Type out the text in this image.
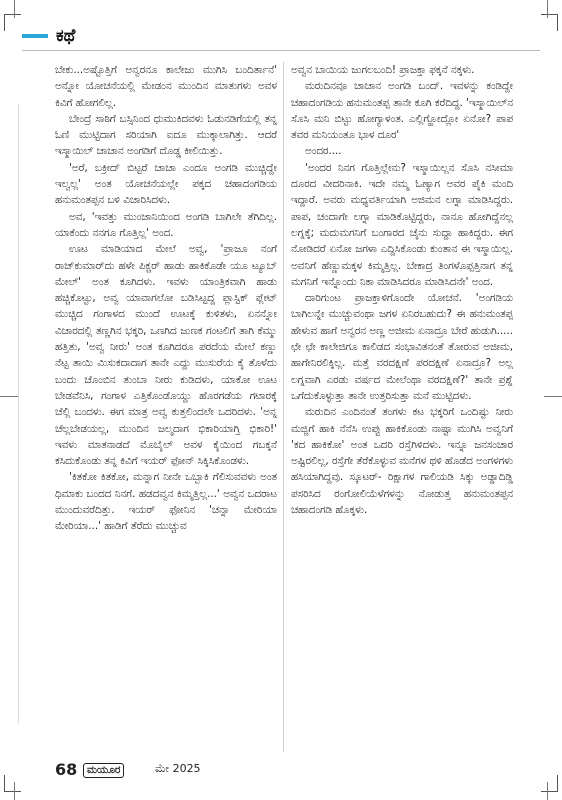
ಕಥೆ

ಬೇಕು...ಅಷ್ಟೊತ್ತಿಗೆ ಅನ್ವರನೂ ಕಾಲೇಜು ಮುಗಿಸಿ ಬಂದಿರ್ತಾನೆ' ಅನ್ನೋ ಯೋಚನೆಯಲ್ಲಿ ಮೇಡಂನ ಮುಂದಿನ ಮಾತುಗಳು ಅವಳ ಕಿವಿಗೆ ಹೋಗಲಿಲ್ಲ.

ಬೇಂದ್ರೆ ಸಾಠಿಗೆ ಬಸ್ಸಿನಿಂದ ಧುಮುಕಿದವಳು ಓಡುನಡಿಗೆಯಲ್ಲಿ ತನ್ನ ಓಣಿ ಮುಟ್ಟಿದಾಗ ಸರಿಯಾಗಿ ಐದೂ ಮುಕ್ಕಾಲಾಗಿತ್ತು. ಆದರೆ ಇಸ್ಮಾಯಿಲ್ ಚಾಚಾನ ಅಂಗಡಿಗೆ ದೊಡ್ಡ ಕೀಲಿಯಿತ್ತು.

'ಅರೆ, ಬಕ್ರೀದ್ ಬಿಟ್ಟರೆ ಚಾಚಾ ಎಂದೂ ಅಂಗಡಿ ಮುಚ್ಚಿದ್ದೇ ಇಲ್ವಲ್ಲ' ಅಂತ ಯೋಚನೆಯಲ್ಲೇ ಪಕ್ಕದ ಚಹಾದಂಗಡಿಯ ಹನುಮಂತಪ್ಪನ ಬಳಿ ವಿಚಾರಿಸಿದಳು.

ಅವ, 'ಇವತ್ತು ಮುಂಜಾನಿಯಿಂದ ಅಂಗಡಿ ಬಾಗಿಲೇ ತೆಗಿದಿಲ್ಲ. ಯಾಕೆಂದು ನನಗೂ ಗೊತ್ತಿಲ್ಲ' ಅಂದ.

ಊಟ ಮಾಡಿಯಾದ ಮೇಲೆ ಅವ್ವ, 'ಪ್ರಾಜೂ ನಂಗೆ ರಾಜ್‌ಕುಮಾರ್‌ದು ಹಳೇ ಪಿಕ್ಚರ್ ಹಾಡು ಹಾಕಿಕೊಡೇ ಯೂ ಟ್ಯೂಬ್ ಮೇಲ್' ಅಂತ ಕೂಗಿದಳು. ಇವಳು ಯಾಂತ್ರಿಕವಾಗಿ ಹಾಡು ಹಚ್ಚಿಕೊಟ್ಟು, ಅವ್ವ ಯಾವಾಗಲೋ ಬಡಿಸಿಟ್ಟದ್ದ ಪ್ಲಾಸ್ಟಿಕ್ ಪ್ಲೇಟ್ ಮುಚ್ಚಿದ ಗಂಗಾಳದ ಮುಂದೆ ಊಟಕ್ಕೆ ಕುಳಿತಳು, ಏನನ್ನೋ ವಿಚಾರದಲ್ಲಿ ತಣ್ಣಗಿನ ಭಕ್ಕರಿ, ಒಣಗಿದ ಜುಣಕ ಗಂಟಲಿಗೆ ತಾಗಿ ಕೆಮ್ಮು ಹತ್ತಿತು, 'ಅವ್ವ ನೀರು' ಅಂತ ಕೂಗಿದರೂ ಪರದೆಯ ಮೇಲೆ ಕಣ್ಣು ನೆಟ್ಟ ತಾಯಿ ಮಿಸುಕದಾದಾಗ ತಾನೇ ಎದ್ದು ಮುಸುರೆಯ ಕೈ ತೊಳೆದು ಬಂದು ಚೊಂಬಿನ ತುಂಬಾ ನೀರು ಕುಡಿದಳು, ಯಾಕೋ ಊಟ ಬೇಡವೆನಿಸಿ, ಗಂಗಾಳ ಎತ್ತಿಕೊಂಡೊಯ್ದು ಹೊರಗಡೆಯ ಗಟಾರಕ್ಕೆ ಚೆಲ್ಲಿ ಬಂದಳು. ಈಗ ಮಾತ್ರ ಅವ್ವ ಕುತ್ತಲಿಂದಲೇ ಒದರಿದಳು. 'ಅನ್ನ ಚೆಲ್ಲಬೇಡಯಲ್ಲ, ಮುಂದಿನ ಜಲ್ಮದಾಗ ಭಿಕಾರಿಯಾಗ್ತಿ ಭಿಕಾರಿ!' ಇವಳು ಮಾತನಾಡದೆ ಮೊಬೈಲ್ ಅವಳ ಕೈಯಿಂದ ಗಬಕ್ಕನೆ ಕಸಿದುಕೊಂಡು ತನ್ನ ಕಿವಿಗೆ ಇಯರ್ ಫೋನ್ ಸಿಕ್ಕಿಸಿಕೊಂಡಳು.

'ಕಿತಕೋ ಕಿತಕೋ, ಮನ್ನಾಗ ನೀನೇ ಒಬ್ಬಾಕಿ ಗೆಲಿಸುವವಳು ಅಂತ ಧಿಮಾಕು ಬಂದದ ನಿನಗೆ. ಹಡದವ್ವನ ಕಿಮ್ಮತ್ತಿಲ್ಲ...' ಅವ್ವನ ಒದರಾಟ ಮುಂದುವರೆದಿತ್ತು. ಇಯರ್ ಫೋನಿನ 'ಚನ್ನಾ ಮೇರಿಯಾ ಮೇರಿಯಾ...' ಹಾಡಿಗೆ ತೆರೆದು ಮುಚ್ಚುವ

ಅವ್ವನ ಬಾಯಿಯ ಜುಗಲಬಂದಿ! ಪ್ರಾಜಕ್ತಾ ಫಕ್ಕನೆ ನಕ್ಕಳು.

ಮರುದಿನವೂ ಚಾಚಾನ ಅಂಗಡಿ ಬಂದ್. ಇವಳನ್ನು ಕಂಡಿದ್ದೇ ಚಹಾದಂಗಡಿಯ ಹನುಮಂತಪ್ಪ ತಾನೇ ಕೂಗಿ ಕರೆದಿದ್ದ. 'ಇಸ್ಮಾಯಿಲ್‌ನ ಸೊಸಿ ಮನಿ ಬಿಟ್ಟು ಹೋಗ್ಯಾಳಂತ. ಎಲ್ಲಿಗ್ಹೋದ್ಲೋ ಏನೋ? ಪಾಪ ತವರ ಮನಿಯಂತೂ ಭಾಳ ದೂರ'

ಅಂದರ....

'ಅಂದರ ನಿನಗ ಗೊತ್ತಿಲ್ಲೇನು? ಇಸ್ಮಾಯಿಲ್ಲನ ಸೊಸಿ ನಸೀಮಾ ದೂರದ ವೀದರಿನಾಕಿ. ಇದೇ ನಮ್ಮ ಓಣ್ಯಾಗ ಅವರ ಪೈಕಿ ಮಂದಿ ಇದ್ದಾರೆ. ಅವರು ಮಧ್ಯವರ್ತಿಯಾಗಿ ಅಜಿಮನ ಲಗ್ನಾ ಮಾಡಿಸಿದ್ದರು. ಪಾಪ, ಚಂದಾಗೇ ಲಗ್ನಾ ಮಾಡಿಕೊಟ್ಟಿದ್ದರು, ನಾನೂ ಹೋಗಿದ್ದೆನಲ್ಲ ಲಗ್ನಕ್ಕೆ; ಮದುಮಗನಿಗೆ ಬಂಗಾರದ ಚೈನು ಸುದ್ದಾ ಹಾಕಿದ್ದರು. ಈಗ ನೋಡಿದರೆ ಏನೋ ಜಗಳಾ ಎದ್ದಿಸಿಕೊಂಡು ಕುಂತಾನ ಈ ಇಸ್ಮಾಯಿಲ್ಲ. ಅವನಿಗೆ ಹೆಣ್ಣುಮಕ್ಕಳ ಕಿಮ್ಮತ್ತಿಲ್ಲ. ಬೇಕಾದ್ರ ತಿಂಗಳೊಪ್ಪತ್ತಿನಾಗ ತನ್ನ ಮಗನಿಗೆ ಇನ್ನೊಂದು ನಿಕಾ ಮಾಡಿಸಿದರೂ ಮಾಡಿಸಿದನೇ' ಅಂದ.

ದಾರಿಗುಂಟ ಪ್ರಾಜಕ್ತಾಳಿಗೊಂದೇ ಯೋಚನೆ. 'ಅಂಗಡಿಯ ಬಾಗಿಲನ್ನೇ ಮುಚ್ಚುವಂಥಾ ಜಗಳ ಏನಿರಬಹುದು? ಈ ಹನುಮಂತಪ್ಪ ಹೇಳುವ ಹಾಗೆ ಅನ್ವರನ ಅಣ್ಣ ಅಜೀಮ ಏನಾದ್ರೂ ಬೇರೆ ಹುಡುಗಿ..... ಛೇ ಛೇ ಕಾಲೇಜಿಗೂ ಕಾಲಿಡದ ಸಂಭಾವಿತನಂತೆ ತೋರುವ ಅಜೀಮ, ಹಾಗೇನಿರಲಿಕ್ಕಿಲ್ಲ. ಮತ್ತೆ ವರದಕ್ಷಿಣೆ ಪರದಕ್ಷಿಣೆ ಏನಾದ್ರೂ? ಅಲ್ಲ ಲಗ್ನವಾಗಿ ಎರಡು ವರ್ಷದ ಮೇಲೆಂಥಾ ವರದಕ್ಷಿಣೆ?' ತಾನೇ ಪ್ರಶ್ನೆ ಒಗೆದುಕೊಳ್ಳುತ್ತಾ ತಾನೇ ಉತ್ತರಿಸುತ್ತಾ ಮನೆ ಮುಟ್ಟಿದಳು.

ಮರುದಿನ ಎಂದಿನಂತೆ ತಂಗಳು ಕಟ ಭಕ್ಕರಿಗೆ ಒಂದಿಷ್ಟು ನೀರು ಮಜ್ಜಿಗೆ ಹಾಕಿ ನೆನೆಸಿ ಉಪ್ಪು ಹಾಕಿಕೊಂಡು ನಾಷ್ಟಾ ಮುಗಿಸಿ ಅವ್ವನಿಗೆ 'ಕದ ಹಾಕಿಕೋ' ಅಂತ ಒದರಿ ರಸ್ತೆಗಿಳಿದಳು. ಇನ್ನೂ ಜನಸಂಚಾರ ಅಷ್ಟಿರಲಿಲ್ಲ, ರಸ್ತೆಗೇ ತೆರೆಕೊಳ್ಳುವ ಮನೆಗಳ ಥಳಿ ಹೊಡೆದ ಅಂಗಳಗಳು ಹಸಿಯಾಗಿದ್ದವು. ಸ್ಕೂಟರ್- ರಿಕ್ಷಾಗಳ ಗಾಲಿಯಡಿ ಸಿಕ್ಕು ಅಡ್ಡಾದಿಡ್ಡಿ ಪಸರಿಸಿದ ರಂಗೋಲಿಯೆಳೆಗಳನ್ನು ನೋಡುತ್ತ ಹನುಮಂತಪ್ಪನ ಚಹಾದಂಗಡಿ ಹೊಕ್ಕಳು.

68 ಮಯೂರ	ಮೇ 2025
